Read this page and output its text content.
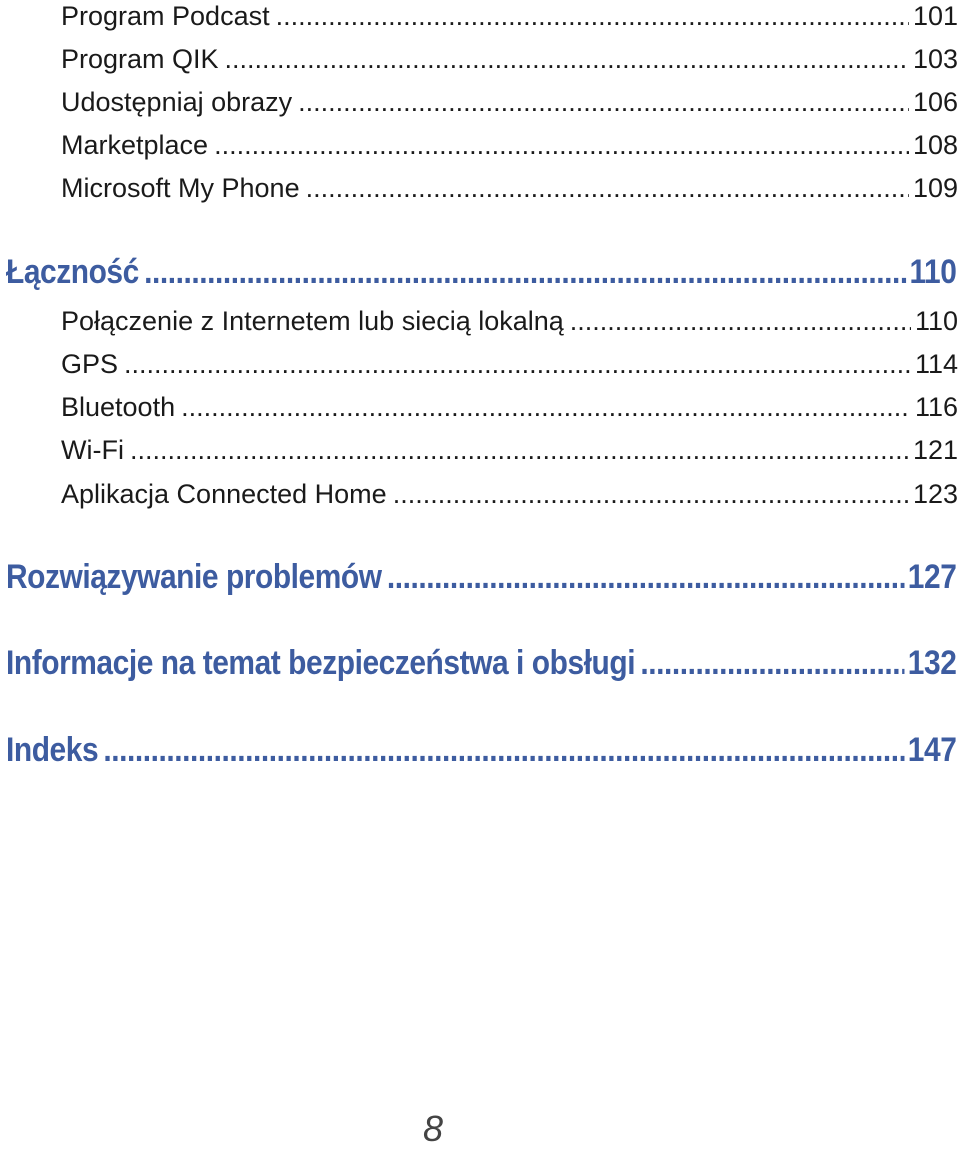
Program Podcast .....	101
Program QIK .....	103
Udostępniaj obrazy .....	106
Marketplace .....	108
Microsoft My Phone .....	109
Łączność .....	110
Połączenie z Internetem lub siecią lokalną .....	110
GPS .....	114
Bluetooth .....	116
Wi-Fi .....	121
Aplikacja Connected Home .....	123
Rozwiązywanie problemów .....	127
Informacje na temat bezpieczeństwa i obsługi .....	132
Indeks .....	147
8
